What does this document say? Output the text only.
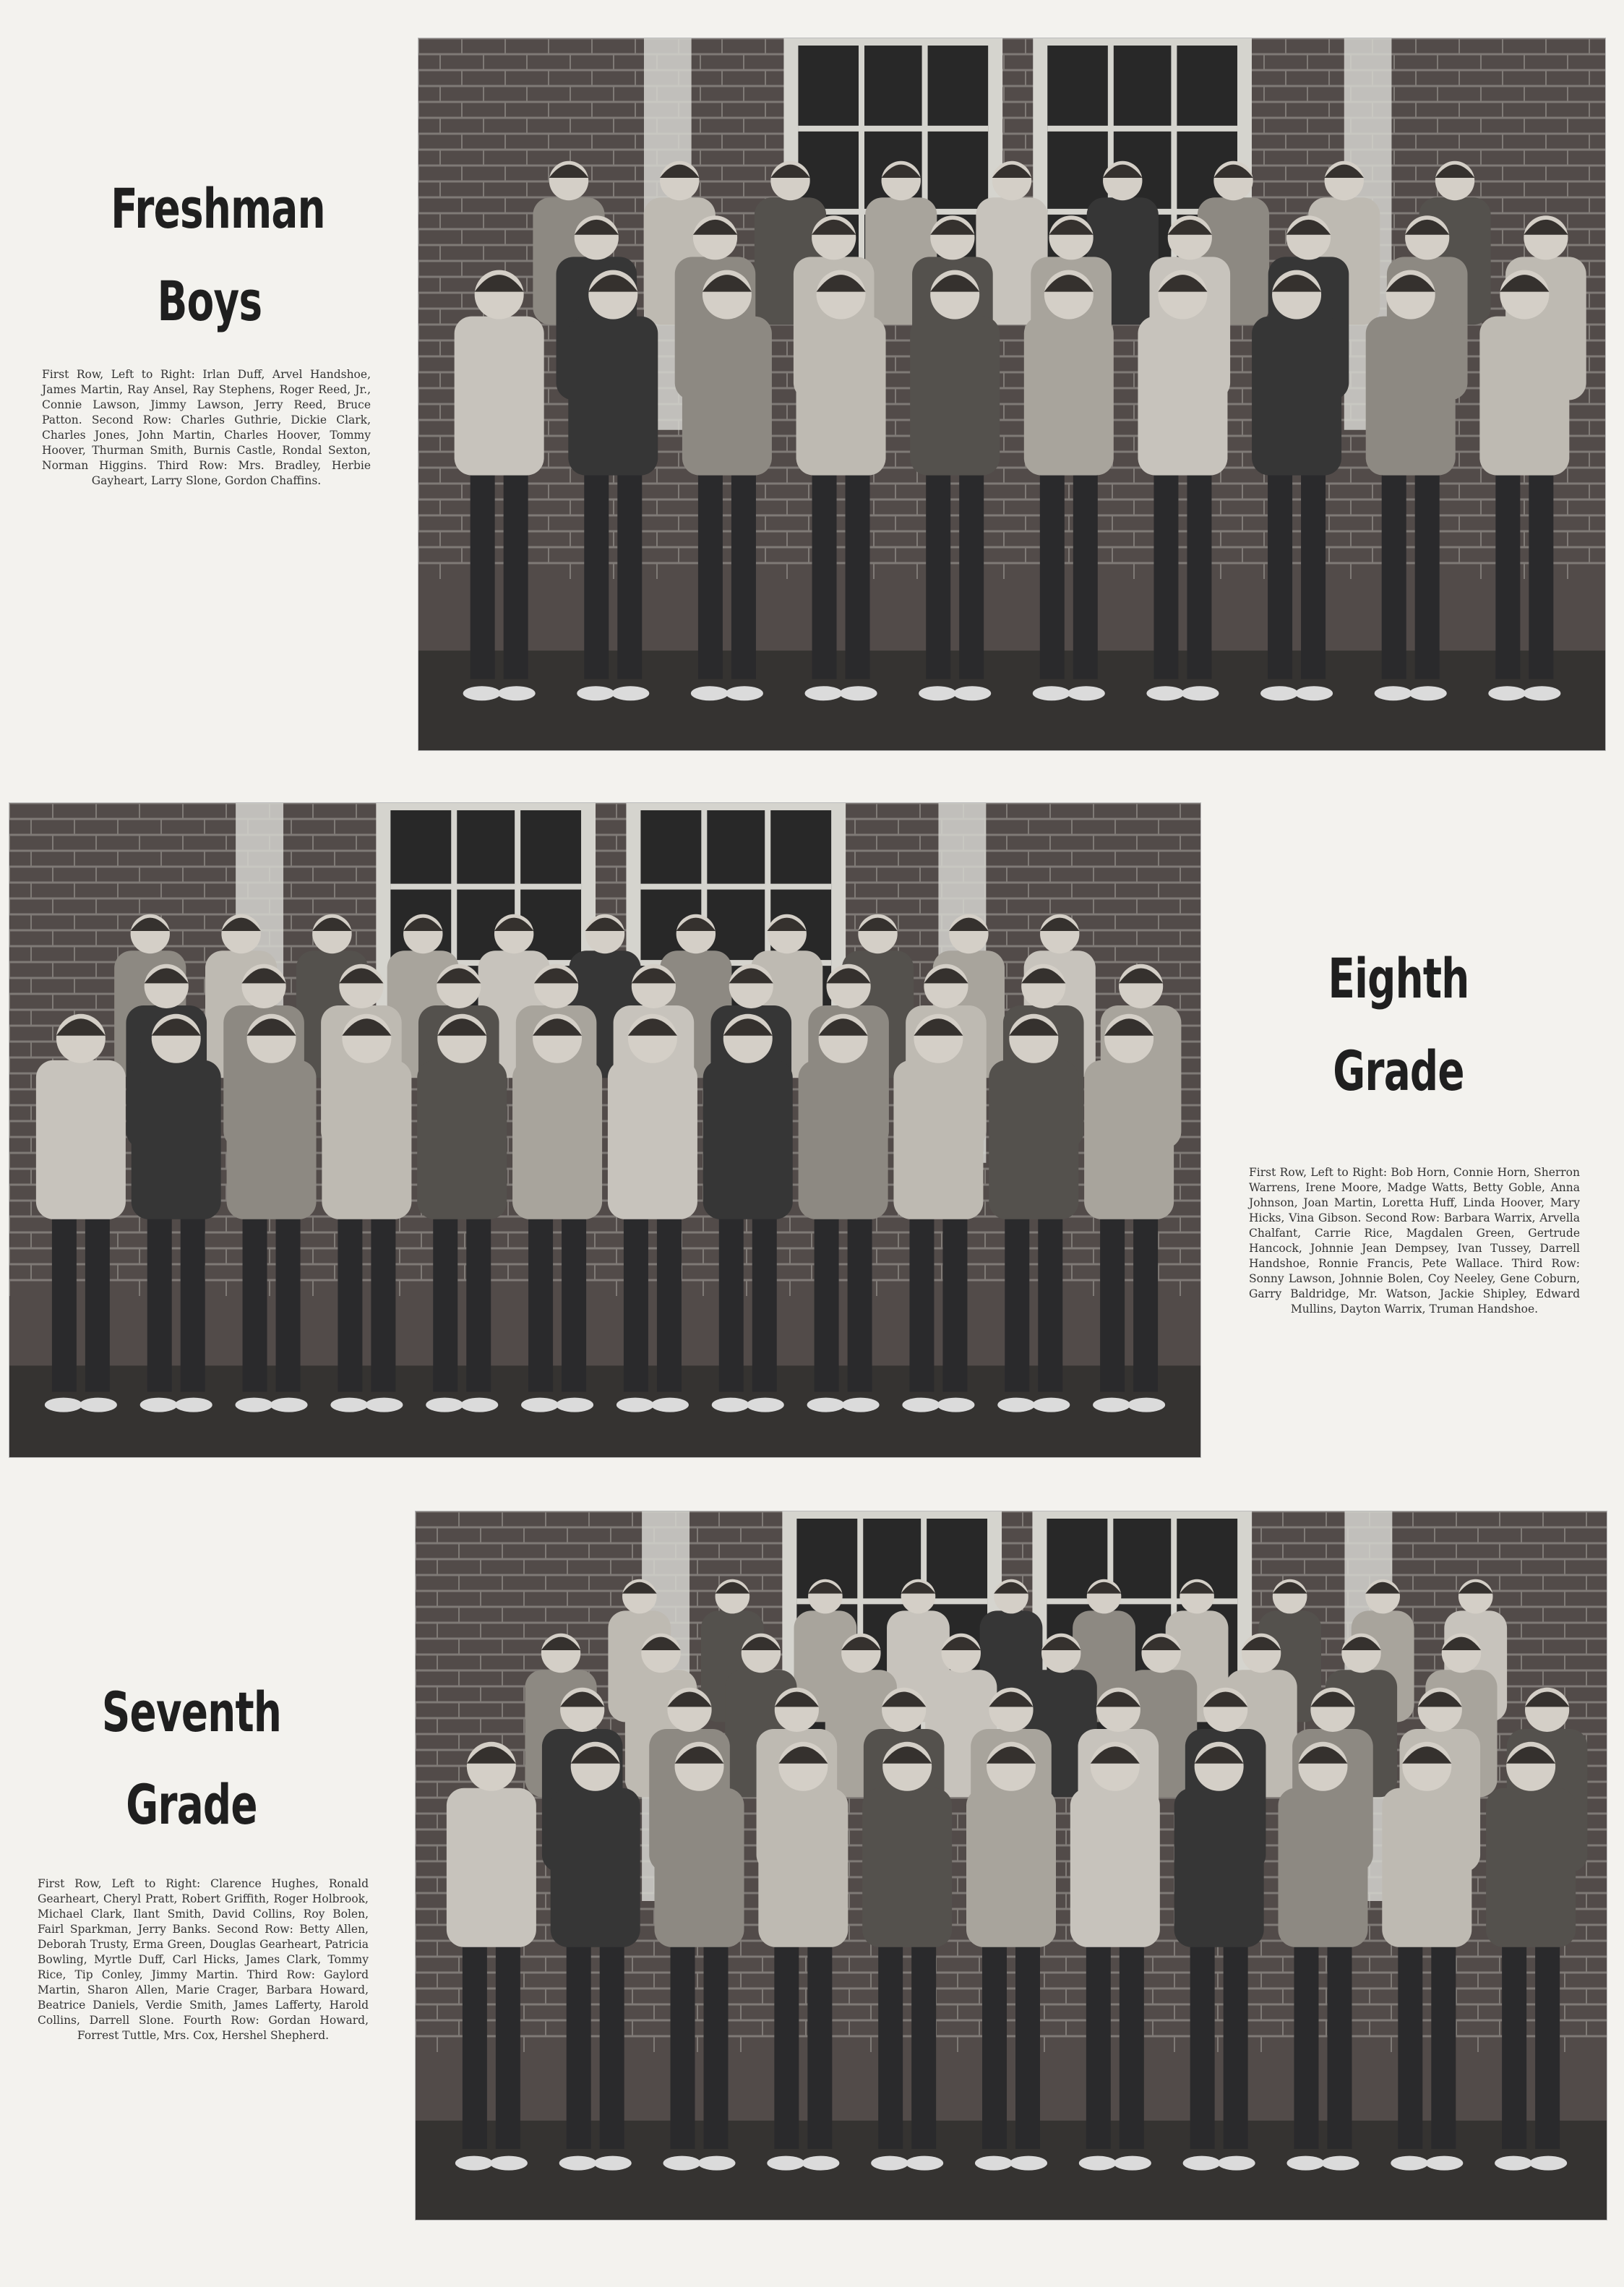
Freshman
Boys
First Row, Left to Right: Irlan Duff, Arvel Handshoe, James Martin, Ray Ansel, Ray Stephens, Roger Reed, Jr., Connie Lawson, Jimmy Lawson, Jerry Reed, Bruce Patton. Second Row: Charles Guthrie, Dickie Clark, Charles Jones, John Martin, Charles Hoover, Tommy Hoover, Thurman Smith, Burnis Castle, Rondal Sexton, Norman Higgins. Third Row: Mrs. Bradley, Herbie Gayheart, Larry Slone, Gordon Chaffins.
Eighth
Grade
First Row, Left to Right: Bob Horn, Connie Horn, Sherron Warrens, Irene Moore, Madge Watts, Betty Goble, Anna Johnson, Joan Martin, Loretta Huff, Linda Hoover, Mary Hicks, Vina Gibson. Second Row: Barbara Warrix, Arvella Chalfant, Carrie Rice, Magdalen Green, Gertrude Hancock, Johnnie Jean Dempsey, Ivan Tussey, Darrell Handshoe, Ronnie Francis, Pete Wallace. Third Row: Sonny Lawson, Johnnie Bolen, Coy Neeley, Gene Coburn, Garry Baldridge, Mr. Watson, Jackie Shipley, Edward Mullins, Dayton Warrix, Truman Handshoe.
Seventh
Grade
First Row, Left to Right: Clarence Hughes, Ronald Gearheart, Cheryl Pratt, Robert Griffith, Roger Holbrook, Michael Clark, Ilant Smith, David Collins, Roy Bolen, Fairl Sparkman, Jerry Banks. Second Row: Betty Allen, Deborah Trusty, Erma Green, Douglas Gearheart, Patricia Bowling, Myrtle Duff, Carl Hicks, James Clark, Tommy Rice, Tip Conley, Jimmy Martin. Third Row: Gaylord Martin, Sharon Allen, Marie Crager, Barbara Howard, Beatrice Daniels, Verdie Smith, James Lafferty, Harold Collins, Darrell Slone. Fourth Row: Gordan Howard, Forrest Tuttle, Mrs. Cox, Hershel Shepherd.
